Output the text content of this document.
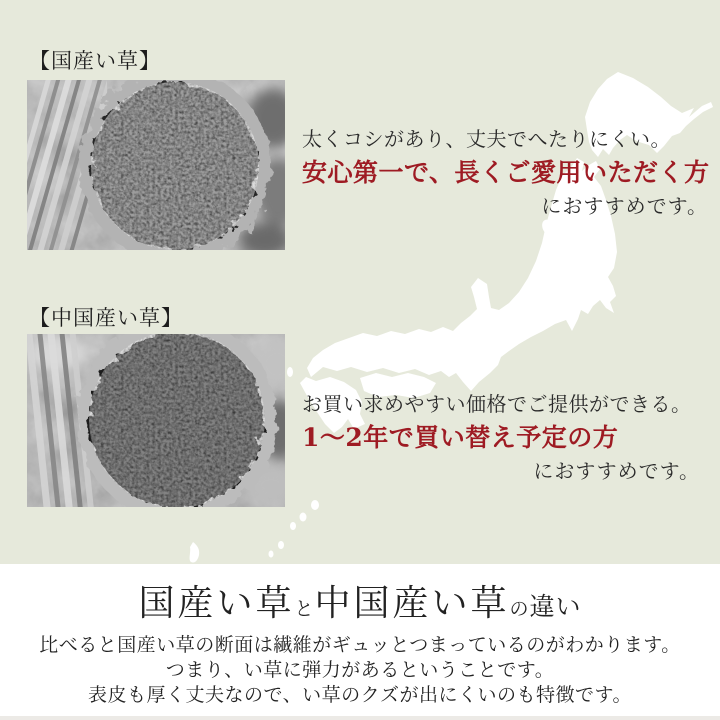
【国産い草】
太くコシがあり、丈夫でへたりにくい。
安心第一で、長くご愛用いただく方
におすすめです。
【中国産い草】
お買い求めやすい価格でご提供ができる。
1〜2年で買い替え予定の方
におすすめです。
国産い草と中国産い草の違い
比べると国産い草の断面は繊維がギュッとつまっているのがわかります。
つまり、い草に弾力があるということです。
表皮も厚く丈夫なので、い草のクズが出にくいのも特徴です。
